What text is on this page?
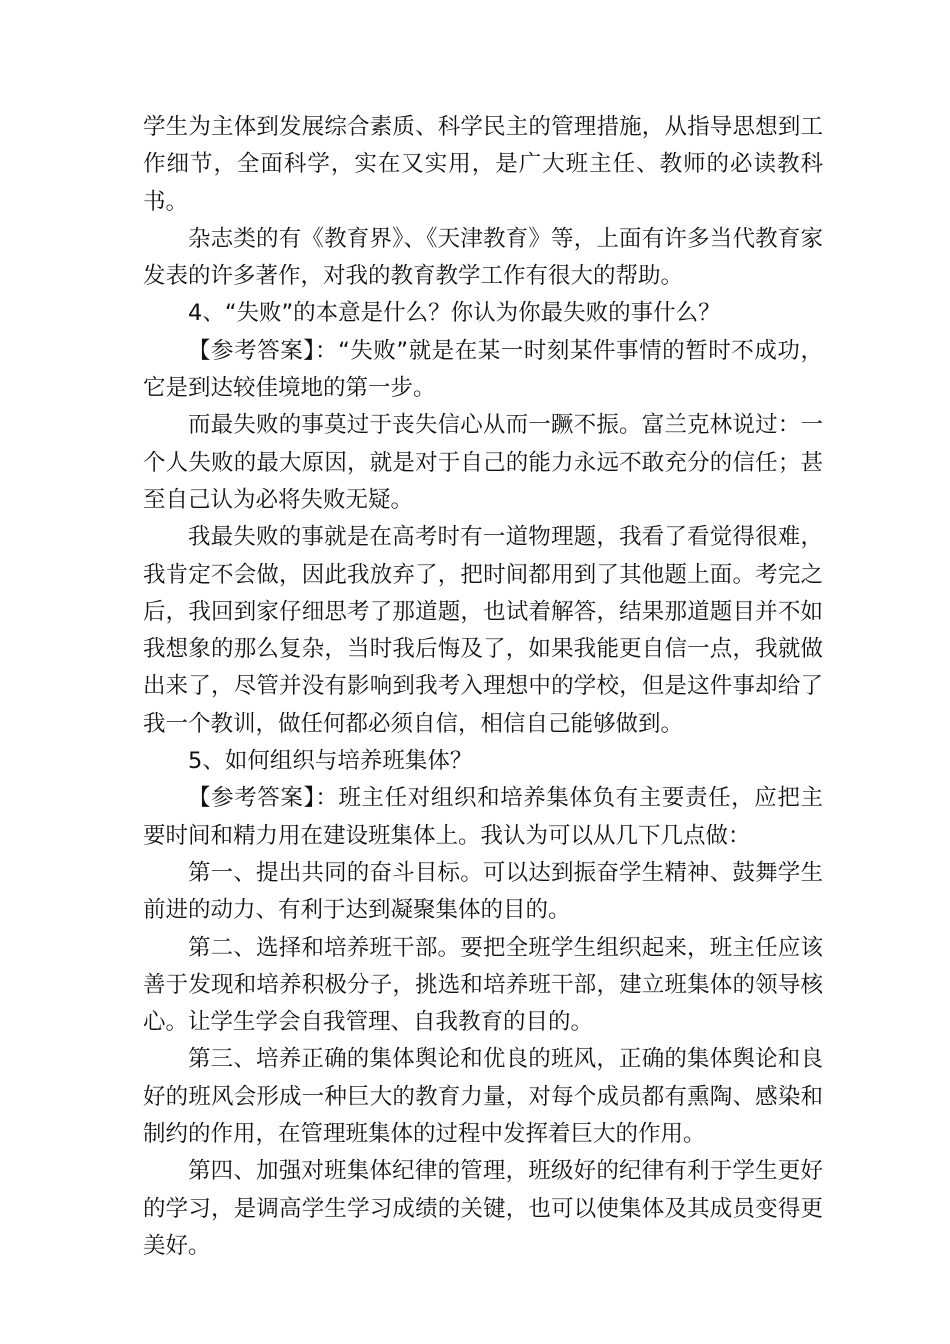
学生为主体到发展综合素质、科学民主的管理措施，从指导思想到工作细节，全面科学，实在又实用，是广大班主任、教师的必读教科书。

杂志类的有《教育界》、《天津教育》等，上面有许多当代教育家发表的许多著作，对我的教育教学工作有很大的帮助。

4、“失败”的本意是什么？你认为你最失败的事什么？

【参考答案】：“失败”就是在某一时刻某件事情的暂时不成功，它是到达较佳境地的第一步。

而最失败的事莫过于丧失信心从而一蹶不振。富兰克林说过：一个人失败的最大原因，就是对于自己的能力永远不敢充分的信任；甚至自己认为必将失败无疑。

我最失败的事就是在高考时有一道物理题，我看了看觉得很难，我肯定不会做，因此我放弃了，把时间都用到了其他题上面。考完之后，我回到家仔细思考了那道题，也试着解答，结果那道题目并不如我想象的那么复杂，当时我后悔及了，如果我能更自信一点，我就做出来了，尽管并没有影响到我考入理想中的学校，但是这件事却给了我一个教训，做任何都必须自信，相信自己能够做到。

5、如何组织与培养班集体？

【参考答案】：班主任对组织和培养集体负有主要责任，应把主要时间和精力用在建设班集体上。我认为可以从几下几点做：

第一、提出共同的奋斗目标。可以达到振奋学生精神、鼓舞学生前进的动力、有利于达到凝聚集体的目的。

第二、选择和培养班干部。要把全班学生组织起来，班主任应该善于发现和培养积极分子，挑选和培养班干部，建立班集体的领导核心。让学生学会自我管理、自我教育的目的。

第三、培养正确的集体舆论和优良的班风，正确的集体舆论和良好的班风会形成一种巨大的教育力量，对每个成员都有熏陶、感染和制约的作用，在管理班集体的过程中发挥着巨大的作用。

第四、加强对班集体纪律的管理，班级好的纪律有利于学生更好的学习，是调高学生学习成绩的关键，也可以使集体及其成员变得更美好。
